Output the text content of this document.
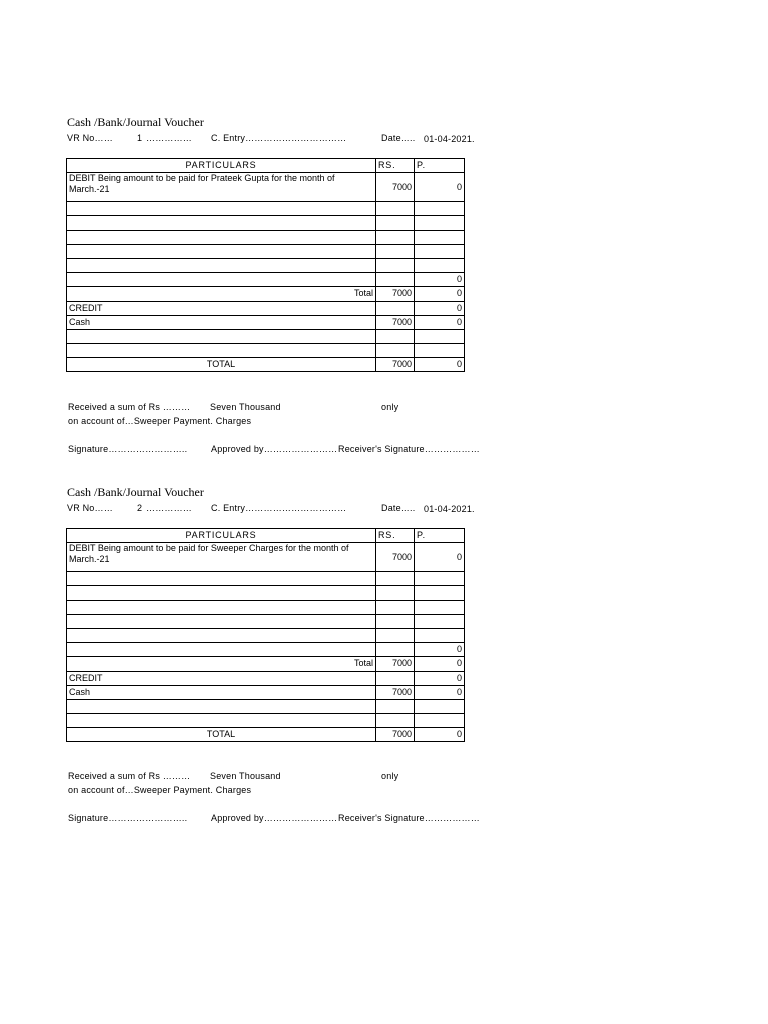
Cash /Bank/Journal Voucher
VR No……	1 …………… C. Entry……………………………	Date….. 01-04-2021.
PARTICULARS	RS.	P.
DEBIT Being amount to be paid for Prateek Gupta for the month of March.-21	7000	0

		0
Total	7000	0
CREDIT		0
Cash	7000	0

TOTAL	7000	0
Received a sum of Rs ……… Seven Thousand	only
on account of…Sweeper Payment. Charges
Signature……………………..	Approved by…………………… Receiver's Signature………………
Cash /Bank/Journal Voucher
VR No……	2 …………… C. Entry……………………………	Date….. 01-04-2021.
PARTICULARS	RS.	P.
DEBIT Being amount to be paid for Sweeper Charges for the month of March.-21	7000	0

		0
Total	7000	0
CREDIT		0
Cash	7000	0

TOTAL	7000	0
Received a sum of Rs ……… Seven Thousand	only
on account of…Sweeper Payment. Charges
Signature……………………..	Approved by…………………… Receiver's Signature………………
